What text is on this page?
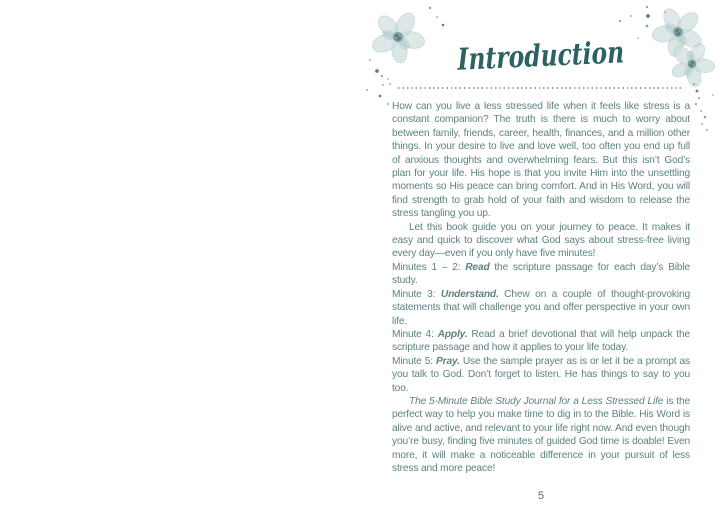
Introduction

How can you live a less stressed life when it feels like stress is a constant companion? The truth is there is much to worry about between family, friends, career, health, finances, and a million other things. In your desire to live and love well, too often you end up full of anxious thoughts and overwhelming fears. But this isn’t God’s plan for your life. His hope is that you invite Him into the unsettling moments so His peace can bring comfort. And in His Word, you will find strength to grab hold of your faith and wisdom to release the stress tangling you up.

Let this book guide you on your journey to peace. It makes it easy and quick to discover what God says about stress-free living every day—even if you only have five minutes!

Minutes 1 – 2: Read the scripture passage for each day’s Bible study.

Minute 3: Understand. Chew on a couple of thought-provoking statements that will challenge you and offer perspective in your own life.

Minute 4: Apply. Read a brief devotional that will help unpack the scripture passage and how it applies to your life today.

Minute 5: Pray. Use the sample prayer as is or let it be a prompt as you talk to God. Don’t forget to listen. He has things to say to you too.

The 5-Minute Bible Study Journal for a Less Stressed Life is the perfect way to help you make time to dig in to the Bible. His Word is alive and active, and relevant to your life right now. And even though you’re busy, finding five minutes of guided God time is doable! Even more, it will make a noticeable difference in your pursuit of less stress and more peace!

5
